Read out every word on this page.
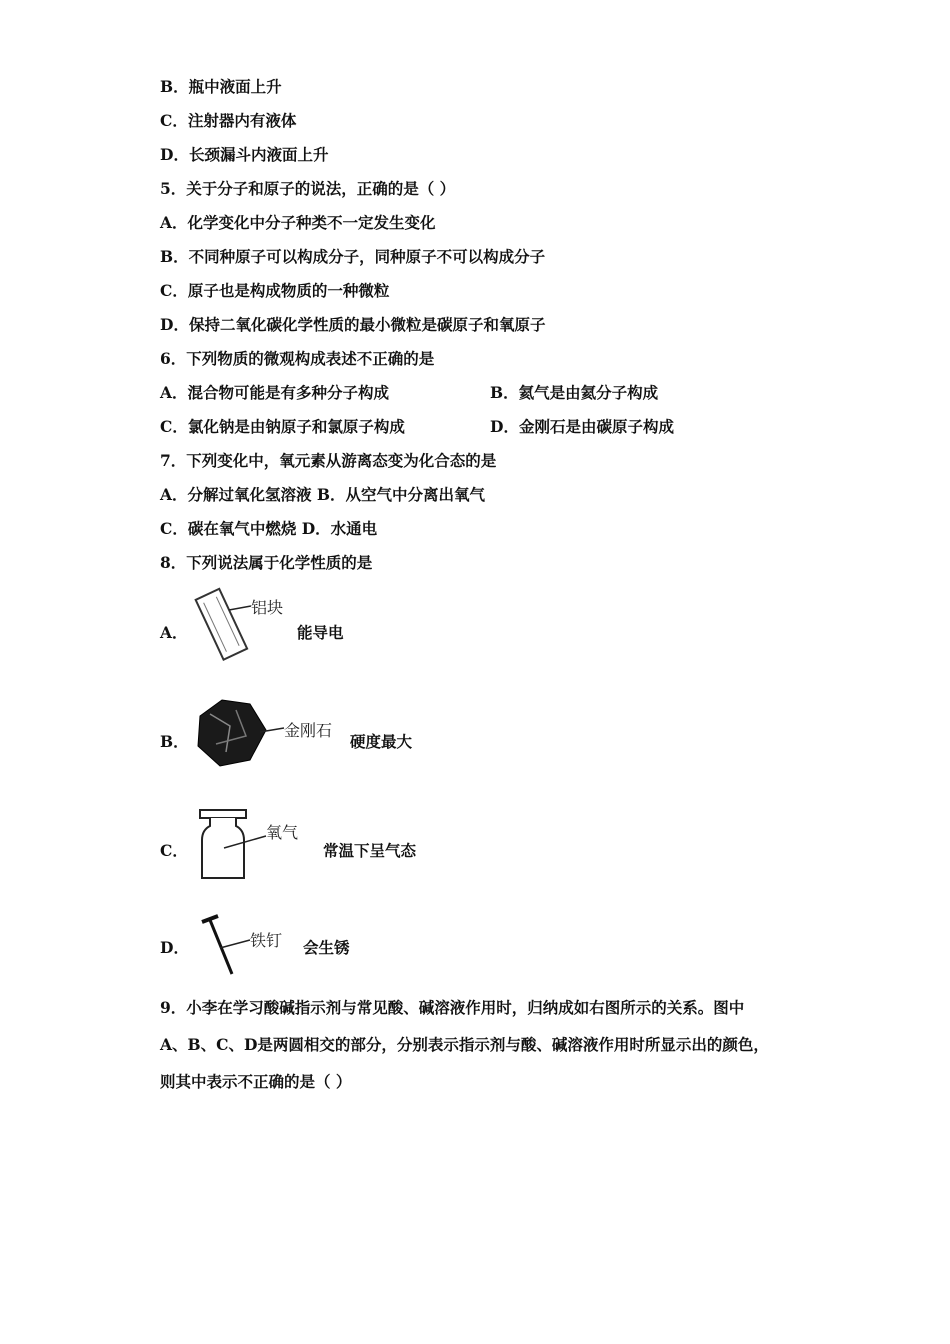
B．瓶中液面上升
C．注射器内有液体
D．长颈漏斗内液面上升
5．关于分子和原子的说法，正确的是（ ）
A．化学变化中分子种类不一定发生变化
B．不同种原子可以构成分子，同种原子不可以构成分子
C．原子也是构成物质的一种微粒
D．保持二氧化碳化学性质的最小微粒是碳原子和氧原子
6．下列物质的微观构成表述不正确的是
A．混合物可能是有多种分子构成	B．氦气是由氦分子构成
C．氯化钠是由钠原子和氯原子构成	D．金刚石是由碳原子构成
7．下列变化中，氧元素从游离态变为化合态的是
A．分解过氧化氢溶液 B．从空气中分离出氧气
C．碳在氧气中燃烧 D．水通电
8．下列说法属于化学性质的是
A．
铝块
能导电
B．
金刚石
硬度最大
C．
氧气
常温下呈气态
D．	铁钉 会生锈
9．小李在学习酸碱指示剂与常见酸、碱溶液作用时，归纳成如右图所示的关系。图中
A、B、C、D是两圆相交的部分，分别表示指示剂与酸、碱溶液作用时所显示出的颜色，
则其中表示不正确的是（ ）
